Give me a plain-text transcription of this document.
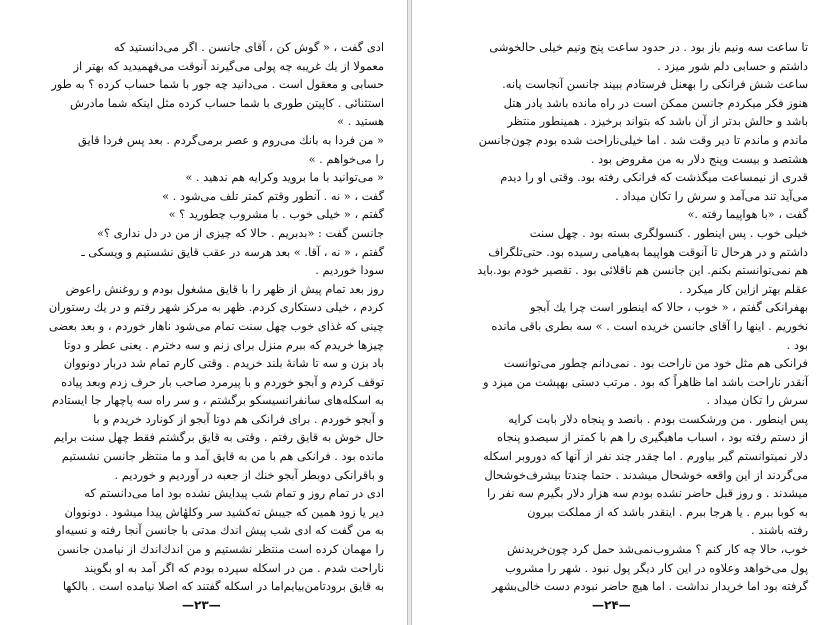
ادی گفت ، « گوش کن ، آقای جانسن . اگر می‌دانستید که

معمولا از یك غریبه چه پولی می‌گیرند آنوقت می‌فهمیدید که بهتر از

حسابی و معقول است . می‌دانید چه جور با شما حساب کرده ؟ به طور

استثنائی . کاپیتن طوری با شما حساب کرده مثل اینکه شما مادرش

هستید . »

« من فردا به بانك می‌روم و عصر برمی‌گردم . بعد پس فردا قایق

را می‌خواهم . »

« می‌توانید با ما بروید وکرایه هم ندهید . »

گفت ، « نه . آنطور وقتم کمتر تلف می‌شود . »

گفتم ، « خیلی خوب . با مشروب چطورید ؟ »

جانسن گفت : «بدبریم . حالا که چیزی از من در دل نداری ؟»

گفتم ، « نه ، آقا. » بعد هرسه در عقب قایق نشستیم و ویسکی ـ

سودا خوردیم .

روز بعد تمام پیش از ظهر را با قایق مشغول بودم و روغنش راعوض

کردم ، خیلی دستکاری کردم. ظهر به مرکز شهر رفتم و در یك رستوران

چینی که غذای خوب چهل سنت تمام می‌شود ناهار خوردم ، و بعد بعضی

چیزها خریدم که ببرم منزل برای زنم و سه دخترم . یعنی عطر و دوتا

باد بزن و سه تا شانهٔ بلند خریدم . وقتی کارم تمام شد دربار دونووان

توقف کردم و آبجو خوردم و با پیرمرد صاحب بار حرف زدم وبعد پیاده

به اسکله‌های سانفرانسیسکو برگشتم ، و سر راه سه پاچهار جا ایستادم

و آبجو خوردم . برای فرانکی هم دوتا آبجو از کونارد خریدم و با

حال خوش به قایق رفتم . وقتی به قایق برگشتم فقط چهل سنت برایم

مانده بود . فرانکی هم با من به قایق آمد و ما منتظر جانسن نشستیم

و باقرانکی دوبطر آبجو خنك از جعبه در آوردیم و خوردیم .

ادی در تمام روز و تمام شب پیدایش نشده بود اما می‌دانستم که

دیر یا زود همین که جیبش ته‌کشید سر وکلهٔاش پیدا میشود . دونووان

به من گفت که ادی شب پیش اندك مدتی با جانسن آنجا رفته و نسیه‌او

را مهمان کرده است منتظر نشستیم و من اندك‌اندك از نیامدن جانسن

ناراحت شدم . من در اسکله سپرده بودم که اگر آمد به او بگویند

به قایق برود‌تامن‌بیایم‌اما در اسکله گفتند که اصلا نیامده است . بالکها

—۲۳—

تا ساعت سه ونیم باز بود . در حدود ساعت پنج ونیم خیلی حالخوشی

داشتم و حسابی دلم شور میزد .

ساعت شش فرانکی را بهعنل فرستادم ببیند جانسن آنجاست یانه.

هنوز فکر میکردم جانسن ممکن است در راه مانده باشد یادر هتل

باشد و حالش بدتر از آن باشد که بتواند برخیزد . همینطور منتظر

ماندم و ماندم تا دیر وقت شد . اما خیلی‌ناراحت شده بودم چون‌جانسن

هشتصد و بیست وپنج دلار به من مقروض بود .

قدری از نیمساعت میگذشت که فرانکی رفته بود. وقتی او را دیدم

می‌آید تند می‌آمد و سرش را تکان میداد .

گفت ، «با هواپیما رفته .»

خیلی خوب . پس اینطور . کنسولگری بسته بود . چهل سنت

داشتم و در هرحال تا آنوقت هواپیما به‌هیامی رسیده بود. حتی‌تلگراف

هم نمی‌توانستم بکنم. این جانسن هم ناقلائی بود . تقصیر خودم بود.باید

عقلم بهتر ازاین کار میکرد .

بهفرانکی گفتم ، « خوب ، حالا که اینطور است چرا یك آبجو

نخوریم . اینها را آقای جانسن خریده است . » سه بطری باقی مانده

بود .

فرانکی هم مثل خود من ناراحت بود . نمی‌دانم چطور می‌توانست

آنقدر ناراحت باشد اما ظاهراً که بود . مرتب دستی بهپشت من میزد و

سرش را تکان میداد .

پس اینطور . من ورشکست بودم . بانصد و پنجاه دلار بابت کرایه

از دستم رفته بود ، اسباب ماهیگیری را هم با کمتر از سیصدو پنجاه

دلار نمیتوانستم گیر بیاورم . اما چقدر چند نفر از آنها که دوروبر اسکله

می‌گردند از این واقعه خوشحال میشدند . حتما چندتا بیشرف‌خوشحال

میشدند . و روز قبل حاضر نشده بودم سه هزار دلار بگیرم سه نفر را

به کوبا ببرم . یا هرجا ببرم . اینقدر باشد که از مملکت بیرون

رفته باشند .

خوب، حالا چه کار کنم ؟ مشروب‌نمی‌شد حمل کرد چون‌خریدنش

پول می‌خواهد وعلاوه در این کار دیگر پول نبود . شهر را مشروب

گرفته بود اما خریدار نداشت . اما هیچ حاضر نبودم دست خالی‌بشهر

—۲۴—
